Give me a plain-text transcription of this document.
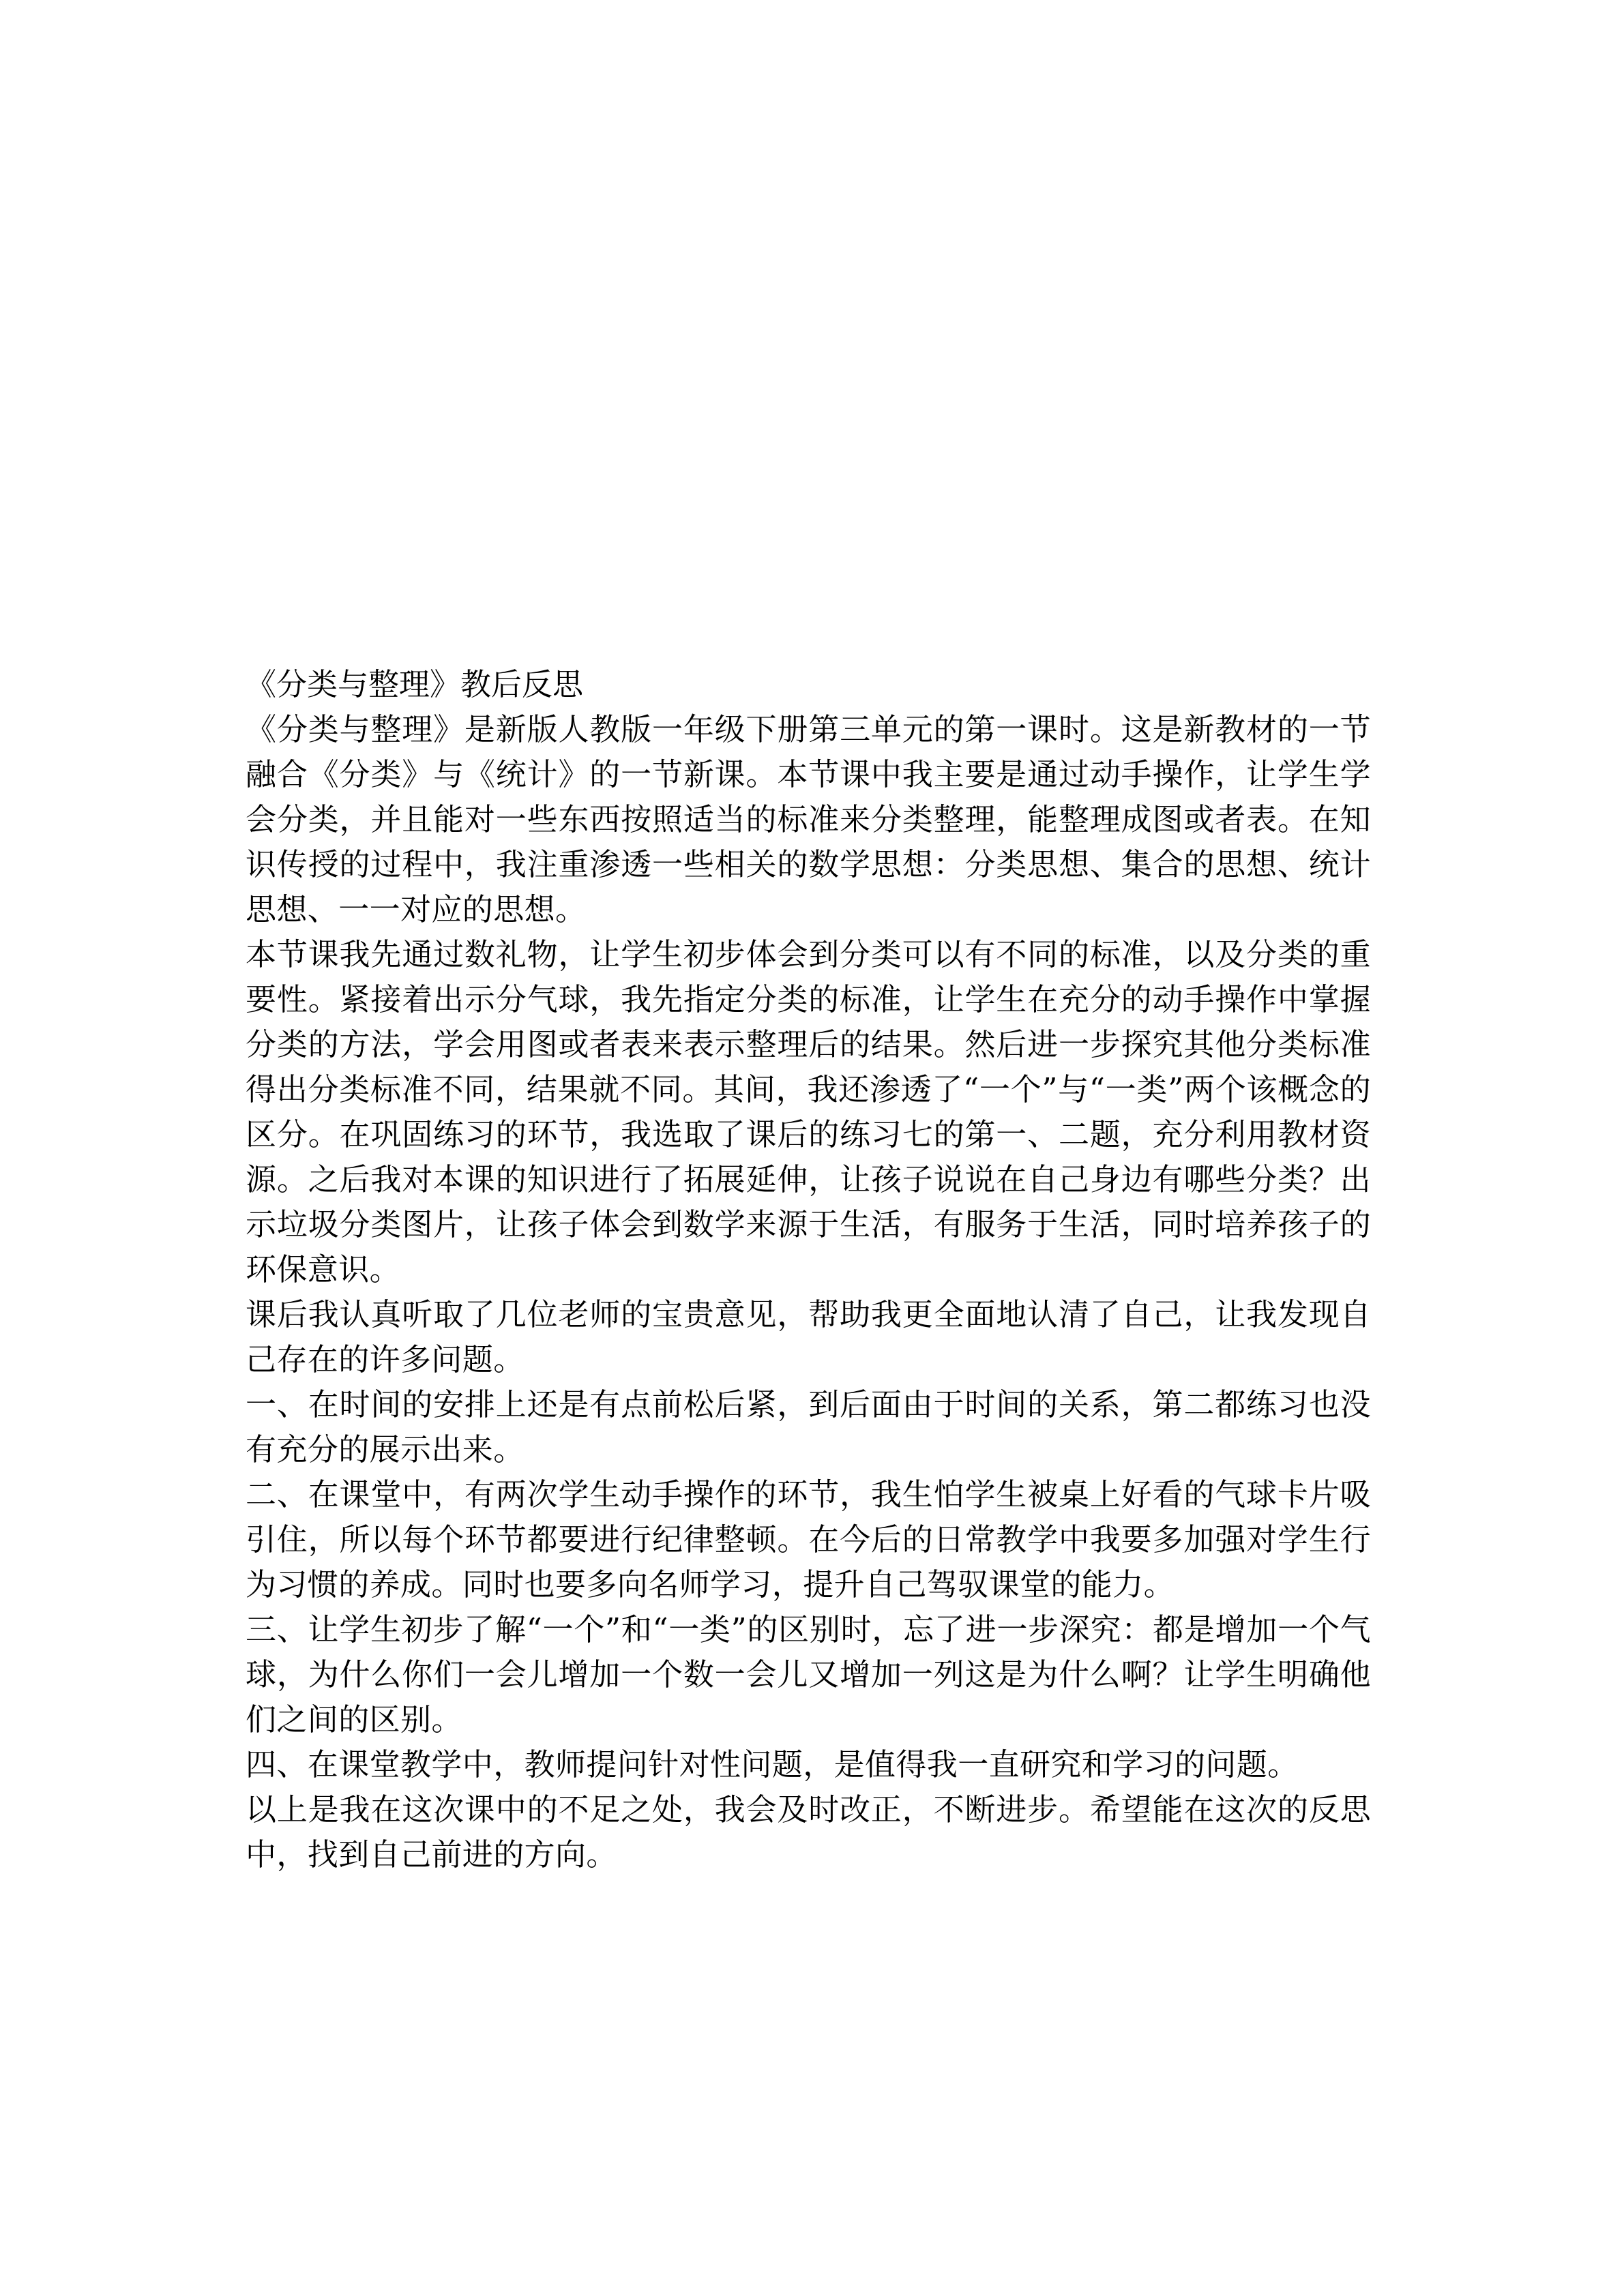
《分类与整理》教后反思

《分类与整理》是新版人教版一年级下册第三单元的第一课时。这是新教材的一节融合《分类》与《统计》的一节新课。本节课中我主要是通过动手操作，让学生学会分类，并且能对一些东西按照适当的标准来分类整理，能整理成图或者表。在知识传授的过程中，我注重渗透一些相关的数学思想：分类思想、集合的思想、统计思想、一一对应的思想。

本节课我先通过数礼物，让学生初步体会到分类可以有不同的标准，以及分类的重要性。紧接着出示分气球，我先指定分类的标准，让学生在充分的动手操作中掌握分类的方法，学会用图或者表来表示整理后的结果。然后进一步探究其他分类标准得出分类标准不同，结果就不同。其间，我还渗透了“一个”与“一类”两个该概念的区分。在巩固练习的环节，我选取了课后的练习七的第一、二题，充分利用教材资源。之后我对本课的知识进行了拓展延伸，让孩子说说在自己身边有哪些分类？出示垃圾分类图片，让孩子体会到数学来源于生活，有服务于生活，同时培养孩子的环保意识。

课后我认真听取了几位老师的宝贵意见，帮助我更全面地认清了自己，让我发现自己存在的许多问题。

一、在时间的安排上还是有点前松后紧，到后面由于时间的关系，第二都练习也没有充分的展示出来。

二、在课堂中，有两次学生动手操作的环节，我生怕学生被桌上好看的气球卡片吸引住，所以每个环节都要进行纪律整顿。在今后的日常教学中我要多加强对学生行为习惯的养成。同时也要多向名师学习，提升自己驾驭课堂的能力。

三、让学生初步了解“一个”和“一类”的区别时，忘了进一步深究：都是增加一个气球，为什么你们一会儿增加一个数一会儿又增加一列这是为什么啊？让学生明确他们之间的区别。

四、在课堂教学中，教师提问针对性问题，是值得我一直研究和学习的问题。

以上是我在这次课中的不足之处，我会及时改正，不断进步。希望能在这次的反思中，找到自己前进的方向。
